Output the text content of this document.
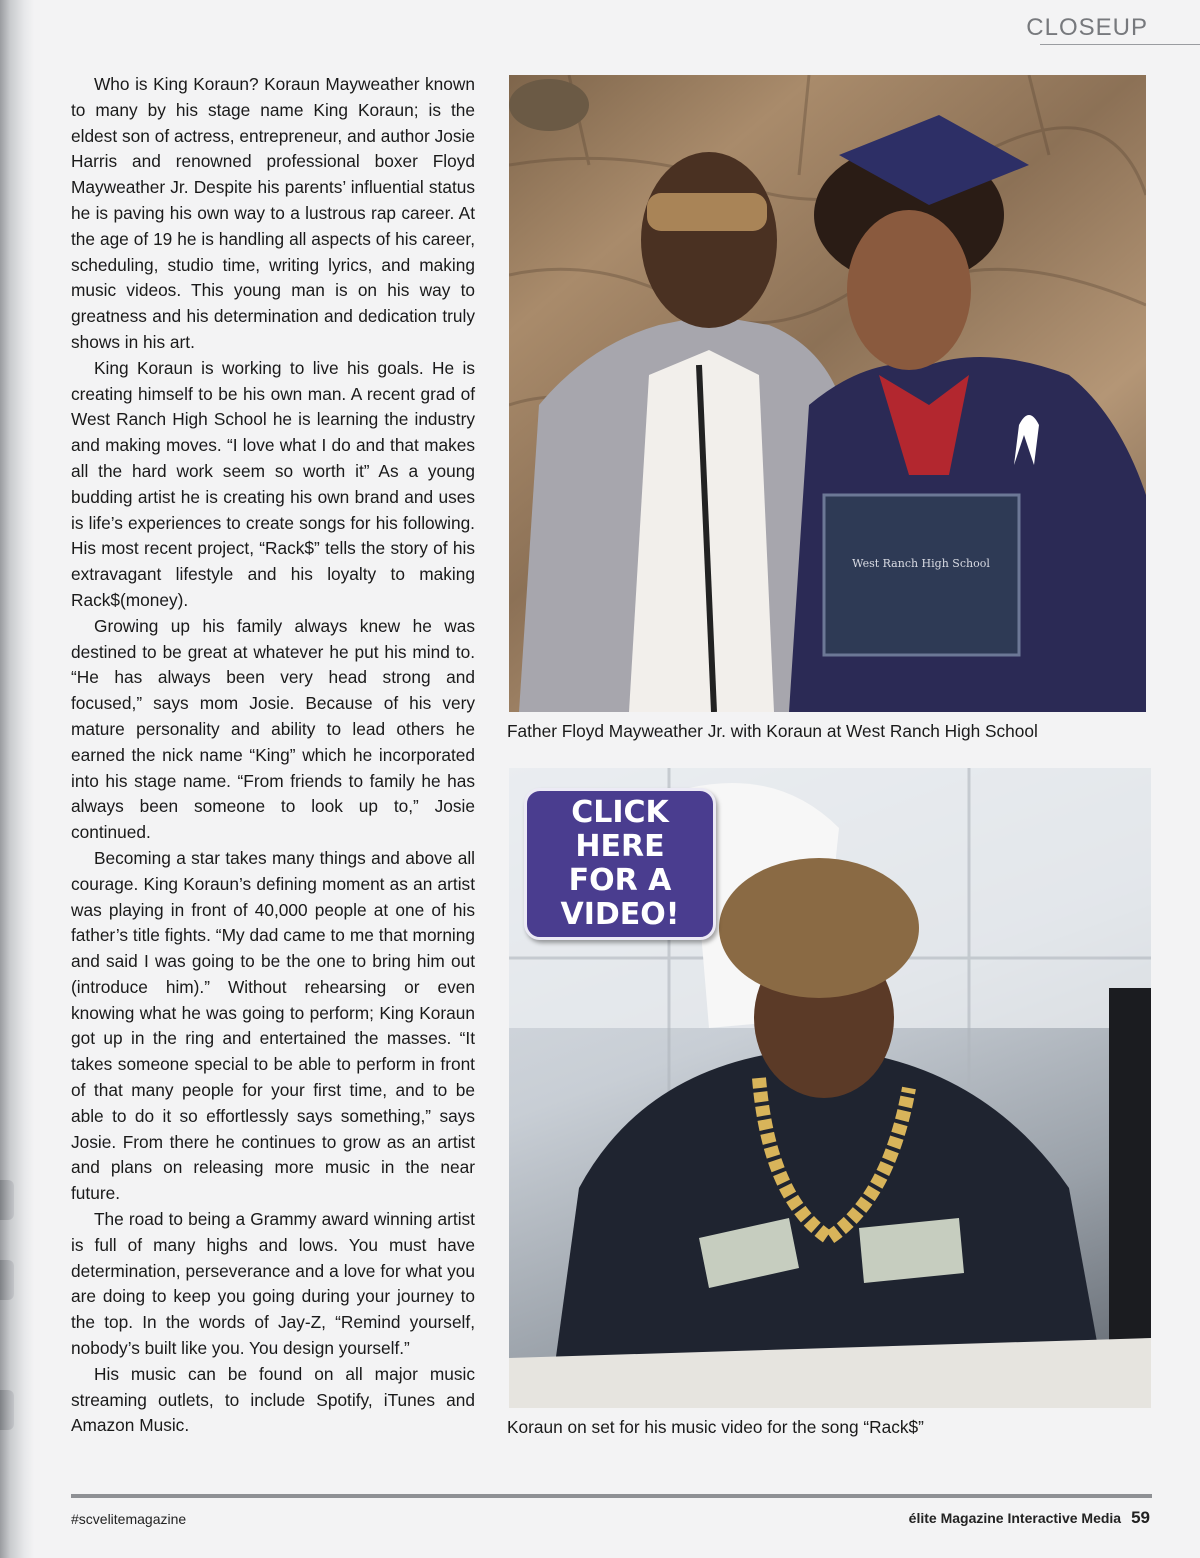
CLOSEUP

Who is King Koraun? Koraun Mayweather known to many by his stage name King Koraun; is the eldest son of actress, entrepreneur, and author Josie Harris and renowned professional boxer Floyd Mayweather Jr. Despite his parents’ influential status he is paving his own way to a lustrous rap career. At the age of 19 he is handling all aspects of his career, scheduling, studio time, writing lyrics, and making music videos. This young man is on his way to greatness and his determination and dedication truly shows in his art.

King Koraun is working to live his goals. He is creating himself to be his own man. A recent grad of West Ranch High School he is learning the industry and making moves. “I love what I do and that makes all the hard work seem so worth it” As a young budding artist he is creating his own brand and uses is life’s experiences to create songs for his following. His most recent project, “Rack$” tells the story of his extravagant lifestyle and his loyalty to making Rack$(money).

Growing up his family always knew he was destined to be great at whatever he put his mind to. “He has always been very head strong and focused,” says mom Josie. Because of his very mature personality and ability to lead others he earned the nick name “King” which he incorporated into his stage name. “From friends to family he has always been someone to look up to,” Josie continued.

Becoming a star takes many things and above all courage. King Koraun’s defining moment as an artist was playing in front of 40,000 people at one of his father’s title fights. “My dad came to me that morning and said I was going to be the one to bring him out (introduce him).” Without rehearsing or even knowing what he was going to perform; King Koraun got up in the ring and entertained the masses. “It takes someone special to be able to perform in front of that many people for your first time, and to be able to do it so effortlessly says something,” says Josie. From there he continues to grow as an artist and plans on releasing more music in the near future.

The road to being a Grammy award winning artist is full of many highs and lows. You must have determination, perseverance and a love for what you are doing to keep you going during your journey to the top. In the words of Jay-Z, “Remind yourself, nobody’s built like you. You design yourself.”

His music can be found on all major music streaming outlets, to include Spotify, iTunes and Amazon Music.

West Ranch High School
Father Floyd Mayweather Jr. with Koraun at West Ranch High School
CLICK
HERE
FOR A
VIDEO!
Koraun on set for his music video for the song “Rack$”
#scvelitemagazine	élite Magazine Interactive Media 59
